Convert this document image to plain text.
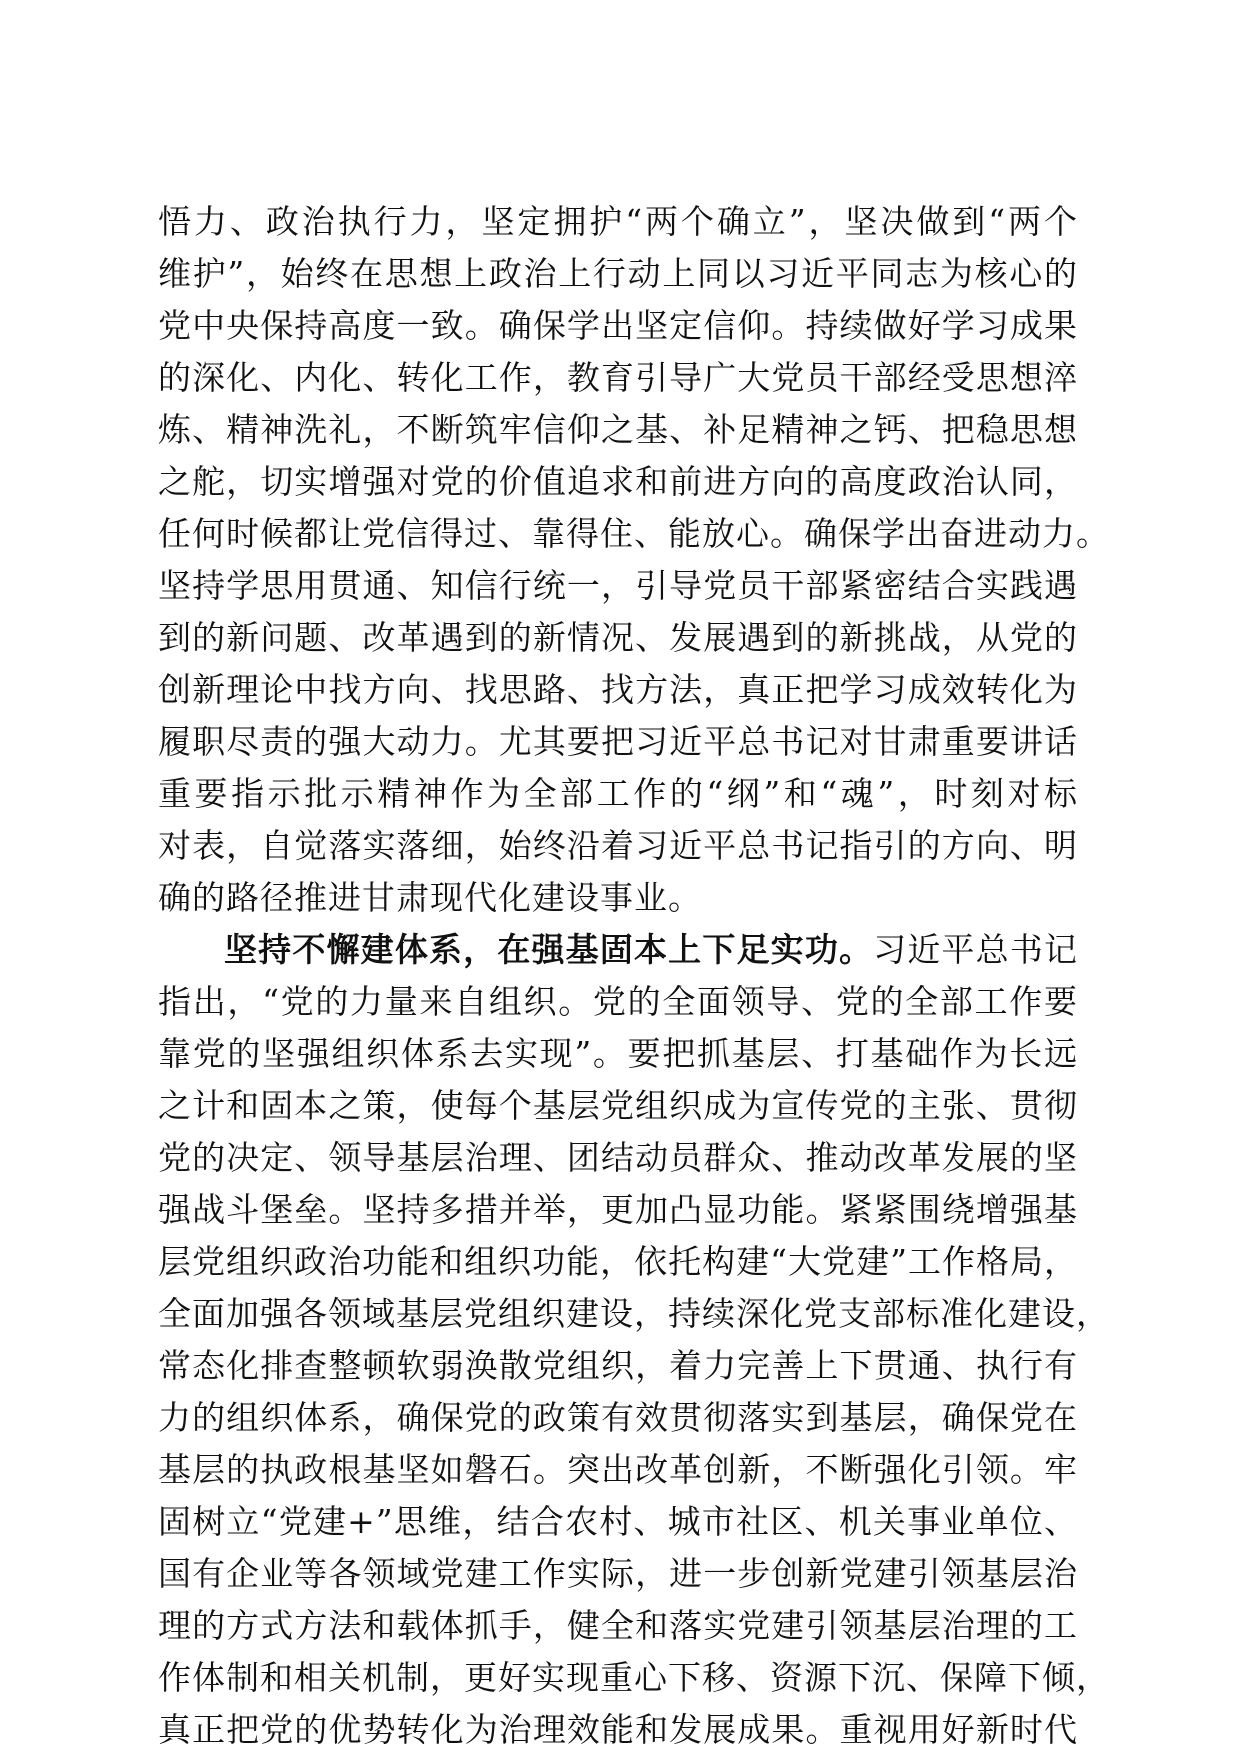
悟力、政治执行力，坚定拥护“两个确立”，坚决做到“两个
维护”，始终在思想上政治上行动上同以习近平同志为核心的
党中央保持高度一致。确保学出坚定信仰。持续做好学习成果
的深化、内化、转化工作，教育引导广大党员干部经受思想淬
炼、精神洗礼，不断筑牢信仰之基、补足精神之钙、把稳思想
之舵，切实增强对党的价值追求和前进方向的高度政治认同，
任何时候都让党信得过、靠得住、能放心。确保学出奋进动力。
坚持学思用贯通、知信行统一，引导党员干部紧密结合实践遇
到的新问题、改革遇到的新情况、发展遇到的新挑战，从党的
创新理论中找方向、找思路、找方法，真正把学习成效转化为
履职尽责的强大动力。尤其要把习近平总书记对甘肃重要讲话
重要指示批示精神作为全部工作的“纲”和“魂”，时刻对标
对表，自觉落实落细，始终沿着习近平总书记指引的方向、明
确的路径推进甘肃现代化建设事业。
坚持不懈建体系，在强基固本上下足实功。习近平总书记
指出，“党的力量来自组织。党的全面领导、党的全部工作要
靠党的坚强组织体系去实现”。要把抓基层、打基础作为长远
之计和固本之策，使每个基层党组织成为宣传党的主张、贯彻
党的决定、领导基层治理、团结动员群众、推动改革发展的坚
强战斗堡垒。坚持多措并举，更加凸显功能。紧紧围绕增强基
层党组织政治功能和组织功能，依托构建“大党建”工作格局，
全面加强各领域基层党组织建设，持续深化党支部标准化建设，
常态化排查整顿软弱涣散党组织，着力完善上下贯通、执行有
力的组织体系，确保党的政策有效贯彻落实到基层，确保党在
基层的执政根基坚如磐石。突出改革创新，不断强化引领。牢
固树立“党建+”思维，结合农村、城市社区、机关事业单位、
国有企业等各领域党建工作实际，进一步创新党建引领基层治
理的方式方法和载体抓手，健全和落实党建引领基层治理的工
作体制和相关机制，更好实现重心下移、资源下沉、保障下倾，
真正把党的优势转化为治理效能和发展成果。重视用好新时代
